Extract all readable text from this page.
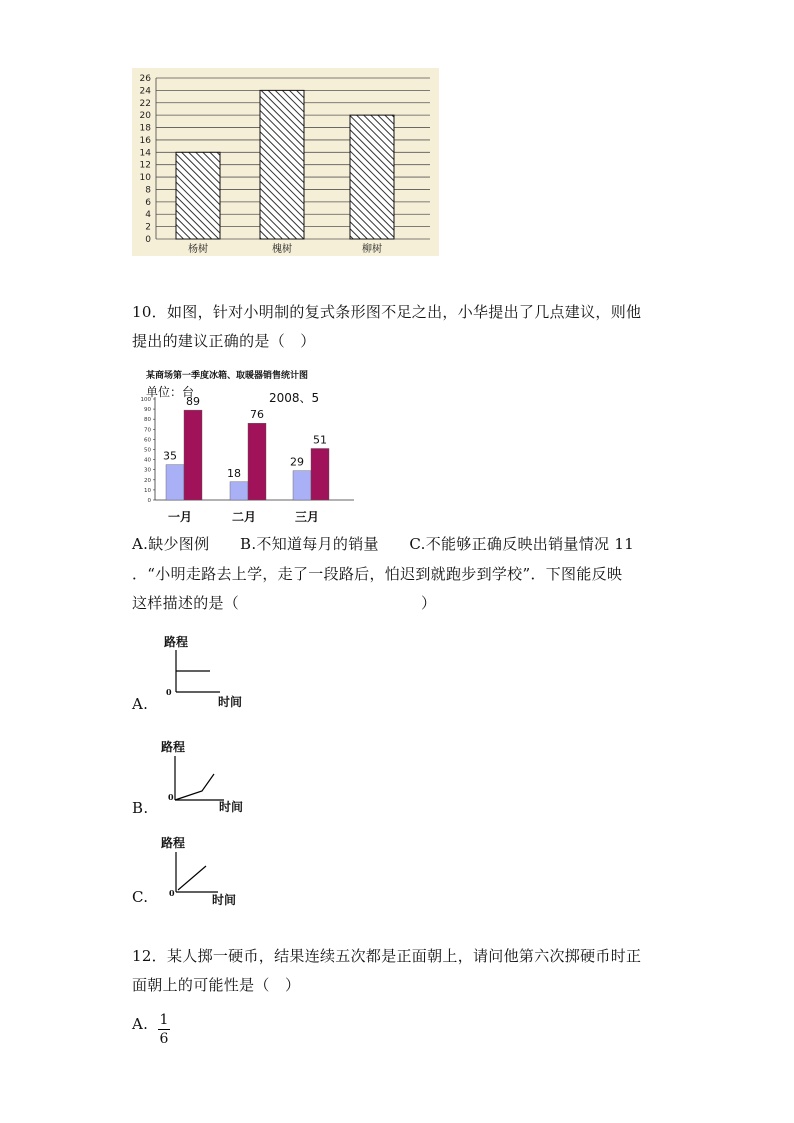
0
2
4
6
8
10
12
14
16
18
20
22
24
26
杨树	槐树	柳树
10．如图，针对小明制的复式条形图不足之出，小华提出了几点建议，则他
提出的建议正确的是（　）
某商场第一季度冰箱、取暖器销售统计图
单位：台	2008、5
0
10
20
30
40
50
60
70
80
90
100
35
89
18
76
29
51
一月	二月	三月
A.缺少图例　　B.不知道每月的销量　　C.不能够正确反映出销量情况 11
．“小明走路去上学，走了一段路后，怕迟到就跑步到学校”．下图能反映
这样描述的是（	）
A.
路程
0
时间
B.
路程
0
时间
C.
路程
0	时间
12．某人掷一硬币，结果连续五次都是正面朝上，请问他第六次掷硬币时正
面朝上的可能性是（　）
A. 1
6
